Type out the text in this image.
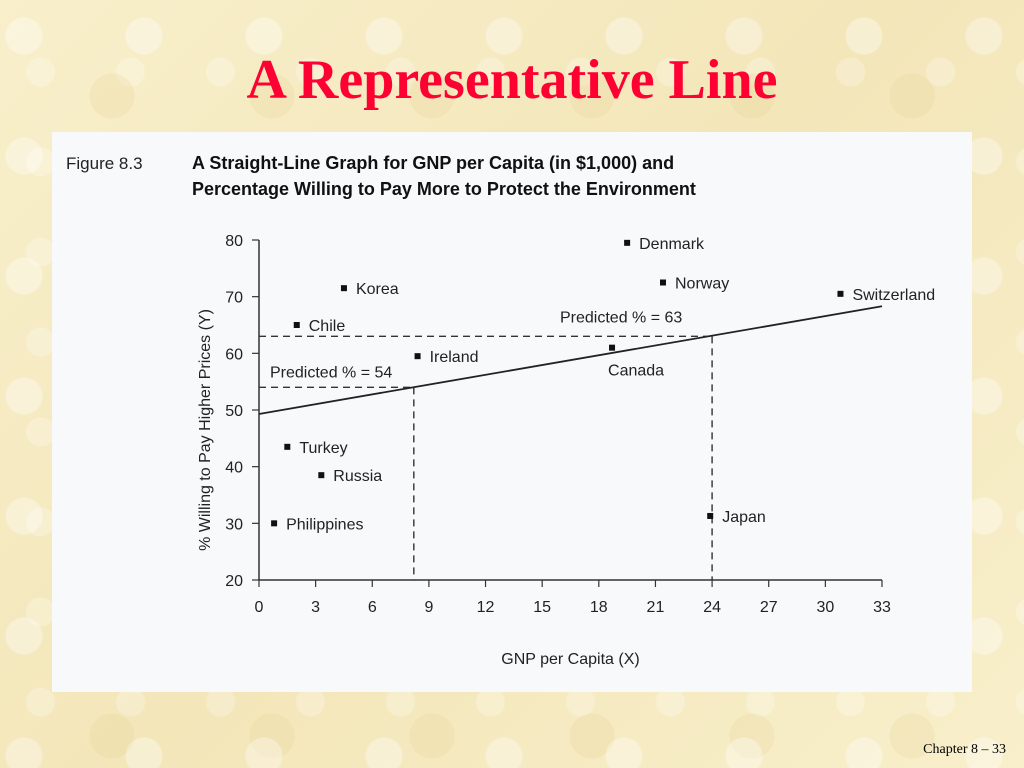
A Representative Line
Figure 8.3	A Straight-Line Graph for GNP per Capita (in $1,000) and
Percentage Willing to Pay More to Protect the Environment
0	3	6	9	12 15 18 21 24 27 30 33
20
30
40
50
60
70
80
GNP per Capita (X)
% Willing to Pay Higher Prices (Y)	Predicted % = 54
Predicted % = 63
Denmark
Korea	Norway
Switzerland
Chile
Ireland
Canada
Turkey
Russia
Philippines	Japan
Chapter 8 – 33
